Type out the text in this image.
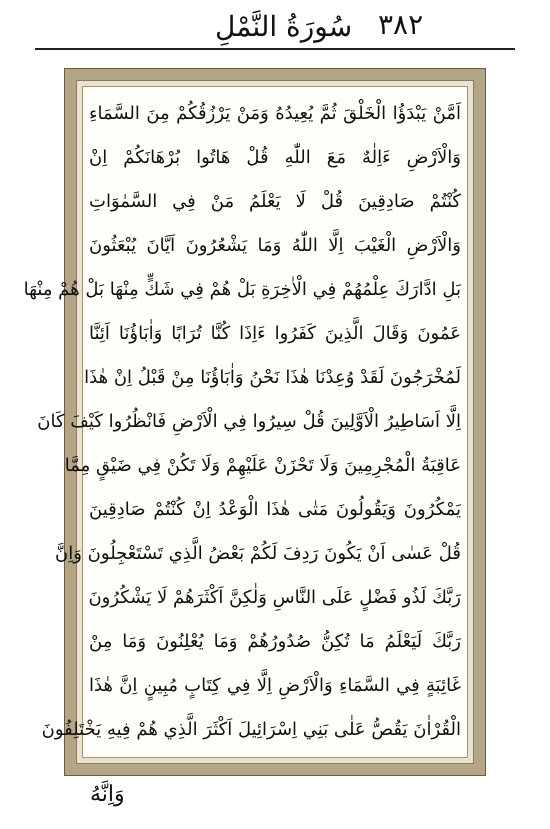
٣٨٢
سُورَةُ النَّمْلِ
اَمَّنْ يَبْدَؤُا الْخَلْقَ ثُمَّ يُعِيدُهُ وَمَنْ يَرْزُقُكُمْ مِنَ السَّمَاءِ
وَالْاَرْضِ ءَاِلٰهٌ مَعَ اللّٰهِ قُلْ هَاتُوا بُرْهَانَكُمْ اِنْ
كُنْتُمْ صَادِقِينَ قُلْ لَا يَعْلَمُ مَنْ فِي السَّمٰوَاتِ
وَالْاَرْضِ الْغَيْبَ اِلَّا اللّٰهُ وَمَا يَشْعُرُونَ اَيَّانَ يُبْعَثُونَ
بَلِ ادَّارَكَ عِلْمُهُمْ فِي الْاٰخِرَةِ بَلْ هُمْ فِي شَكٍّ مِنْهَا بَلْ هُمْ مِنْهَا
عَمُونَ وَقَالَ الَّذِينَ كَفَرُوا ءَاِذَا كُنَّا تُرَابًا وَاٰبَاؤُنَا اَئِنَّا
لَمُخْرَجُونَ لَقَدْ وُعِدْنَا هٰذَا نَحْنُ وَاٰبَاؤُنَا مِنْ قَبْلُ اِنْ هٰذَا
اِلَّا اَسَاطِيرُ الْاَوَّلِينَ قُلْ سِيرُوا فِي الْاَرْضِ فَانْظُرُوا كَيْفَ كَانَ
عَاقِبَةُ الْمُجْرِمِينَ وَلَا تَحْزَنْ عَلَيْهِمْ وَلَا تَكُنْ فِي ضَيْقٍ مِمَّا
يَمْكُرُونَ وَيَقُولُونَ مَتٰى هٰذَا الْوَعْدُ اِنْ كُنْتُمْ صَادِقِينَ
قُلْ عَسٰى اَنْ يَكُونَ رَدِفَ لَكُمْ بَعْضُ الَّذِي تَسْتَعْجِلُونَ وَاِنَّ
رَبَّكَ لَذُو فَضْلٍ عَلَى النَّاسِ وَلٰكِنَّ اَكْثَرَهُمْ لَا يَشْكُرُونَ
رَبَّكَ لَيَعْلَمُ مَا تُكِنُّ صُدُورُهُمْ وَمَا يُعْلِنُونَ وَمَا مِنْ
غَائِبَةٍ فِي السَّمَاءِ وَالْاَرْضِ اِلَّا فِي كِتَابٍ مُبِينٍ اِنَّ هٰذَا
الْقُرْاٰنَ يَقُصُّ عَلٰى بَنِي اِسْرَائِيلَ اَكْثَرَ الَّذِي هُمْ فِيهِ يَخْتَلِفُونَ
وَاِنَّهُ
